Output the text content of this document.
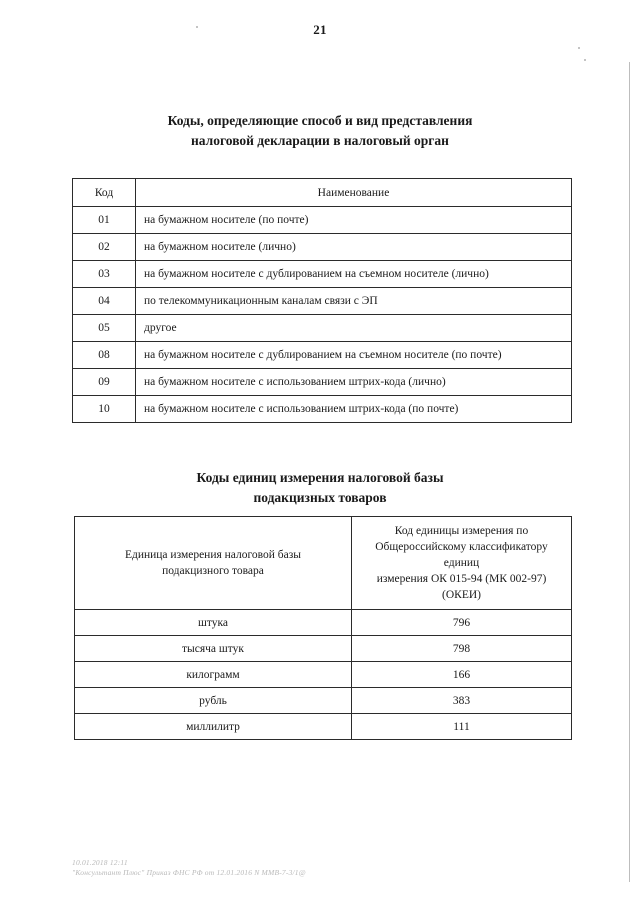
21
Коды, определяющие способ и вид представления
налоговой декларации в налоговый орган
Код	Наименование
01	на бумажном носителе (по почте)
02	на бумажном носителе (лично)
03	на бумажном носителе с дублированием на съемном носителе (лично)
04	по телекоммуникационным каналам связи с ЭП
05	другое
08	на бумажном носителе с дублированием на съемном носителе (по почте)
09	на бумажном носителе с использованием штрих-кода (лично)
10	на бумажном носителе с использованием штрих-кода (по почте)
Коды единиц измерения налоговой базы
подакцизных товаров
Единица измерения налоговой базы
подакцизного товара	Код единицы измерения по
Общероссийскому классификатору единиц
измерения ОК 015-94 (МК 002-97) (ОКЕИ)

штука	796
тысяча штук	798
килограмм	166
рубль	383
миллилитр	111
10.01.2018 12:11
"Консультант Плюс" Приказ ФНС РФ от 12.01.2016 N ММВ-7-3/1@
